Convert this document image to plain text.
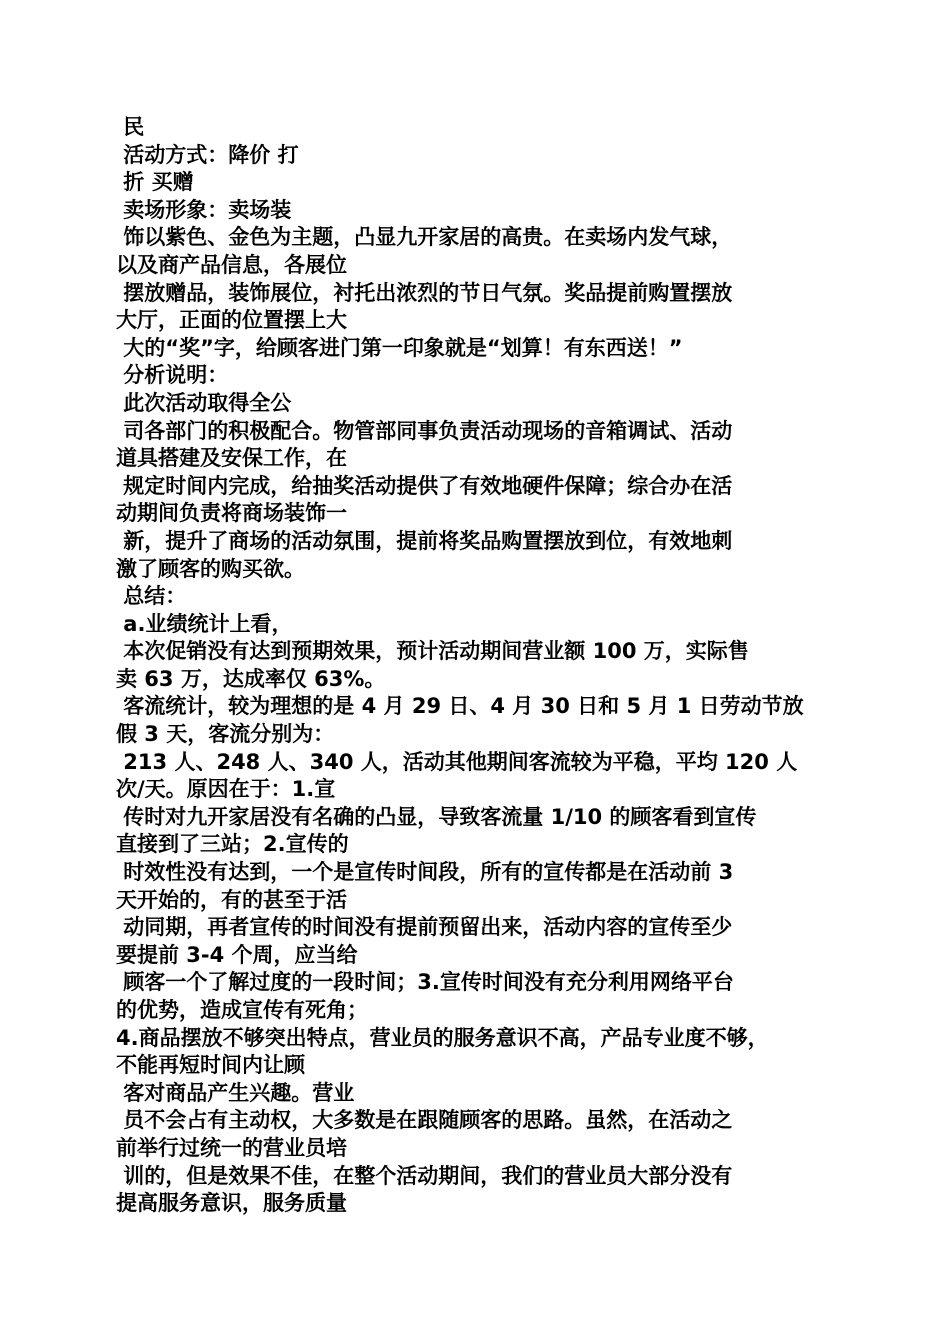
民
活动方式：降价 打
折 买赠
卖场形象：卖场装
饰以紫色、金色为主题，凸显九开家居的高贵。在卖场内发气球，
以及商产品信息，各展位
摆放赠品，装饰展位，衬托出浓烈的节日气氛。奖品提前购置摆放
大厅，正面的位置摆上大
大的“奖”字，给顾客进门第一印象就是“划算！有东西送！”
分析说明：
此次活动取得全公
司各部门的积极配合。物管部同事负责活动现场的音箱调试、活动
道具搭建及安保工作，在
规定时间内完成，给抽奖活动提供了有效地硬件保障；综合办在活
动期间负责将商场装饰一
新，提升了商场的活动氛围，提前将奖品购置摆放到位，有效地刺
激了顾客的购买欲。
总结：
a.业绩统计上看，
本次促销没有达到预期效果，预计活动期间营业额 100 万，实际售
卖 63 万，达成率仅 63%。
客流统计，较为理想的是 4 月 29 日、4 月 30 日和 5 月 1 日劳动节放
假 3 天，客流分别为：
213 人、248 人、340 人，活动其他期间客流较为平稳，平均 120 人
次/天。原因在于：1.宣
传时对九开家居没有名确的凸显，导致客流量 1/10 的顾客看到宣传
直接到了三站；2.宣传的
时效性没有达到，一个是宣传时间段，所有的宣传都是在活动前 3
天开始的，有的甚至于活
动同期，再者宣传的时间没有提前预留出来，活动内容的宣传至少
要提前 3-4 个周，应当给
顾客一个了解过度的一段时间；3.宣传时间没有充分利用网络平台
的优势，造成宣传有死角；
4.商品摆放不够突出特点，营业员的服务意识不高，产品专业度不够，
不能再短时间内让顾
客对商品产生兴趣。营业
员不会占有主动权，大多数是在跟随顾客的思路。虽然，在活动之
前举行过统一的营业员培
训的，但是效果不佳，在整个活动期间，我们的营业员大部分没有
提高服务意识，服务质量
